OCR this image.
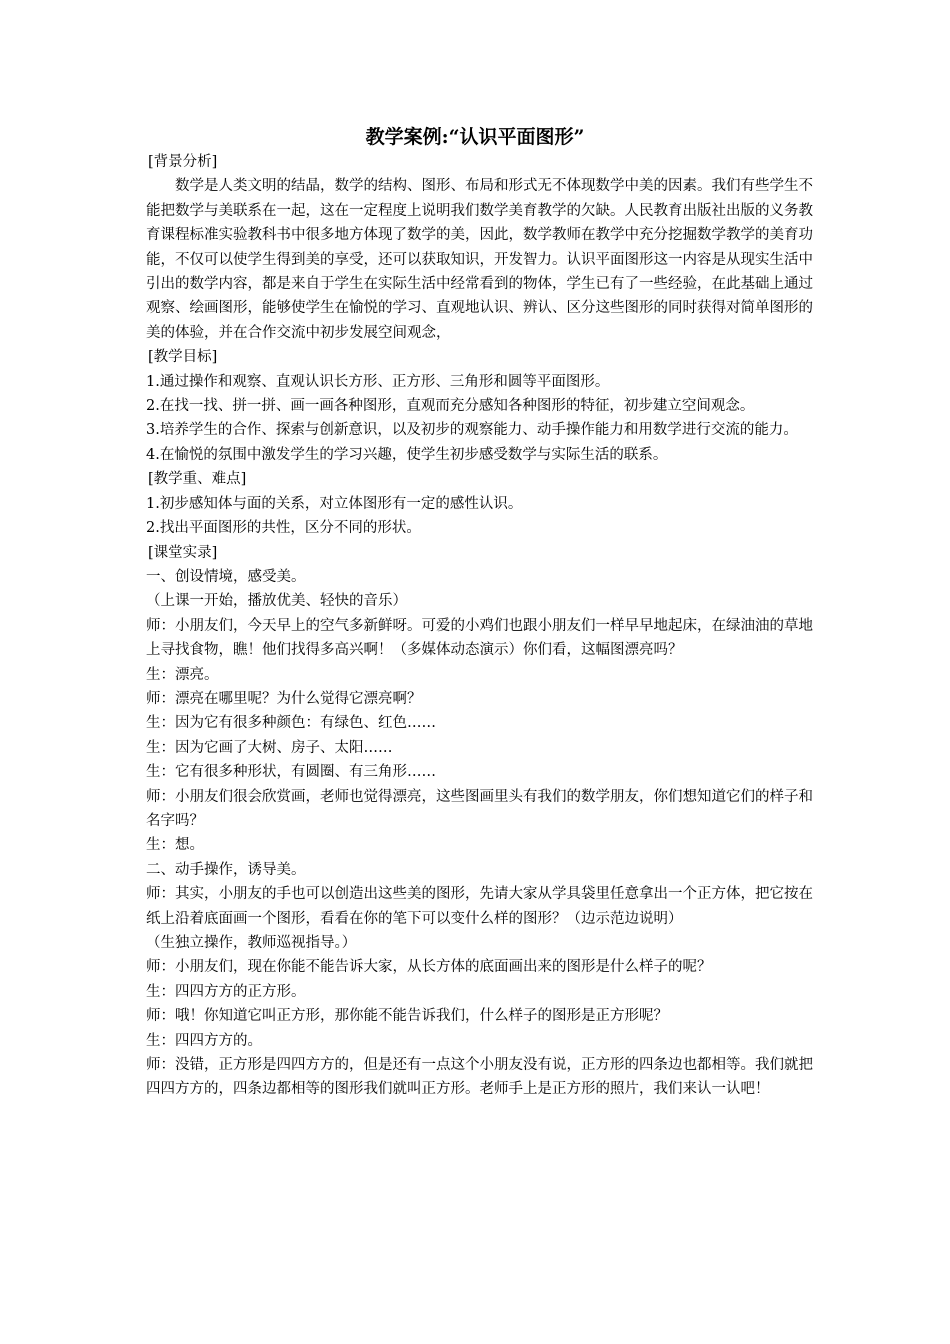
教学案例:“认识平面图形”

[背景分析]

数学是人类文明的结晶，数学的结构、图形、布局和形式无不体现数学中美的因素。我们有些学生不能把数学与美联系在一起，这在一定程度上说明我们数学美育教学的欠缺。人民教育出版社出版的义务教育课程标准实验教科书中很多地方体现了数学的美，因此，数学教师在教学中充分挖掘数学教学的美育功能，不仅可以使学生得到美的享受，还可以获取知识，开发智力。认识平面图形这一内容是从现实生活中引出的数学内容，都是来自于学生在实际生活中经常看到的物体，学生已有了一些经验，在此基础上通过观察、绘画图形，能够使学生在愉悦的学习、直观地认识、辨认、区分这些图形的同时获得对简单图形的美的体验，并在合作交流中初步发展空间观念，

[教学目标]

1.通过操作和观察、直观认识长方形、正方形、三角形和圆等平面图形。

2.在找一找、拼一拼、画一画各种图形，直观而充分感知各种图形的特征，初步建立空间观念。

3.培养学生的合作、探索与创新意识，以及初步的观察能力、动手操作能力和用数学进行交流的能力。

4.在愉悦的氛围中激发学生的学习兴趣，使学生初步感受数学与实际生活的联系。

[教学重、难点]

1.初步感知体与面的关系，对立体图形有一定的感性认识。

2.找出平面图形的共性，区分不同的形状。

[课堂实录]

一、创设情境，感受美。

（上课一开始，播放优美、轻快的音乐）

师：小朋友们，今天早上的空气多新鲜呀。可爱的小鸡们也跟小朋友们一样早早地起床，在绿油油的草地上寻找食物，瞧！他们找得多高兴啊！（多媒体动态演示）你们看，这幅图漂亮吗？

生：漂亮。

师：漂亮在哪里呢？为什么觉得它漂亮啊？

生：因为它有很多种颜色：有绿色、红色……

生：因为它画了大树、房子、太阳……

生：它有很多种形状，有圆圈、有三角形……

师：小朋友们很会欣赏画，老师也觉得漂亮，这些图画里头有我们的数学朋友，你们想知道它们的样子和名字吗？

生：想。

二、动手操作，诱导美。

师：其实，小朋友的手也可以创造出这些美的图形，先请大家从学具袋里任意拿出一个正方体，把它按在纸上沿着底面画一个图形，看看在你的笔下可以变什么样的图形？（边示范边说明）

（生独立操作，教师巡视指导。）

师：小朋友们，现在你能不能告诉大家，从长方体的底面画出来的图形是什么样子的呢？

生：四四方方的正方形。

师：哦！你知道它叫正方形，那你能不能告诉我们，什么样子的图形是正方形呢？

生：四四方方的。

师：没错，正方形是四四方方的，但是还有一点这个小朋友没有说，正方形的四条边也都相等。我们就把四四方方的，四条边都相等的图形我们就叫正方形。老师手上是正方形的照片，我们来认一认吧！
